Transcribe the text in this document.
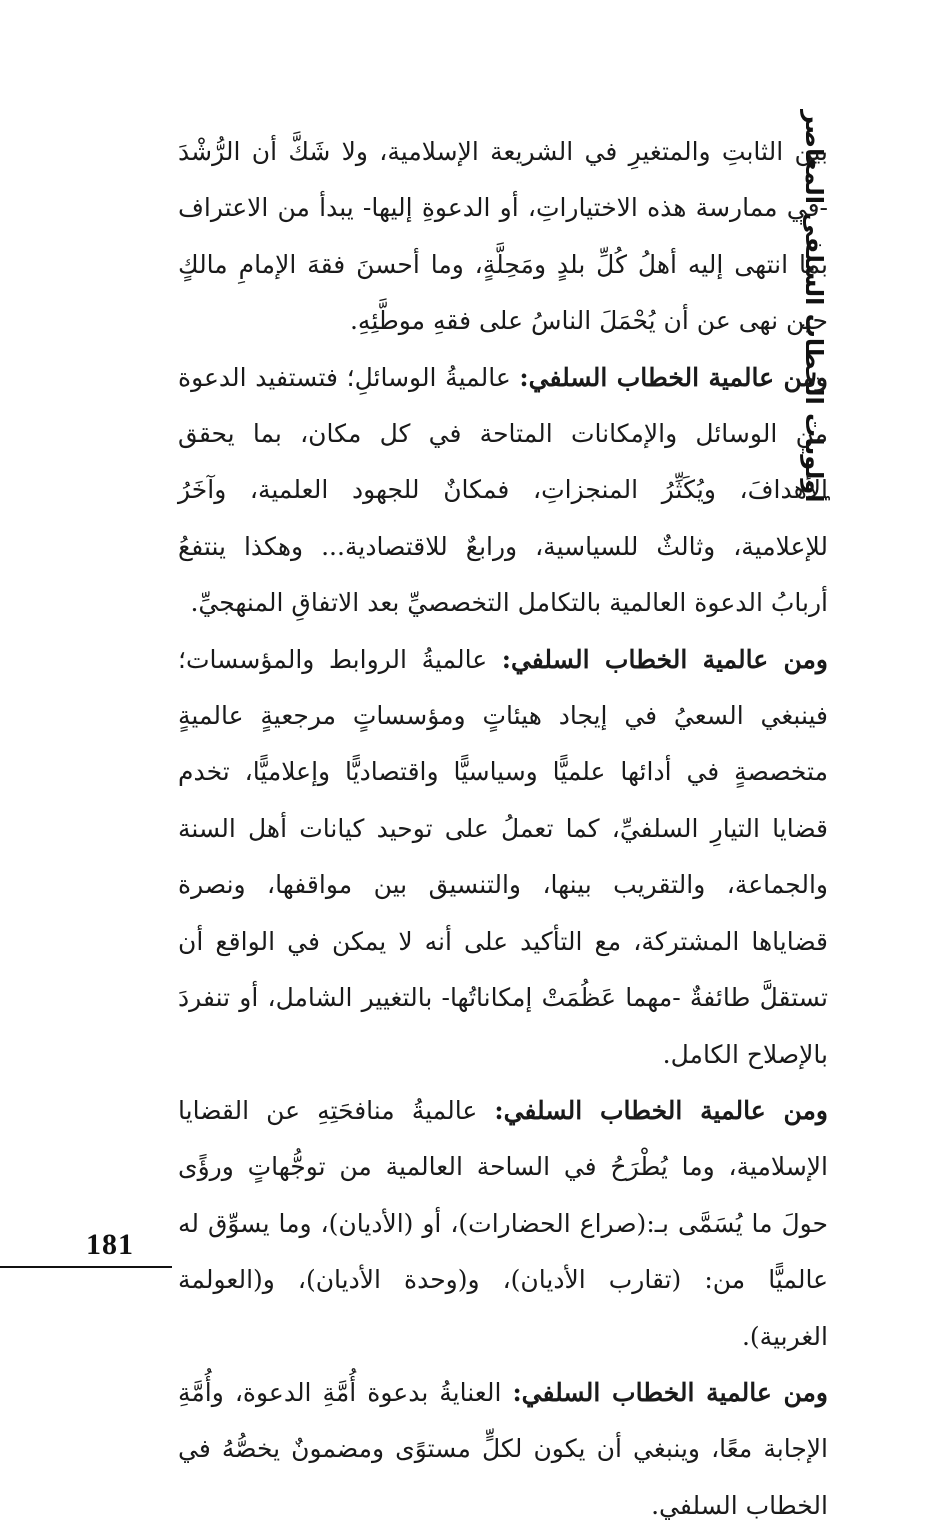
أولويات الخطاب السلفي المعاصر

بين الثابتِ والمتغيرِ في الشريعة الإسلامية، ولا شَكَّ أن الرُّشْدَ -في ممارسة هذه الاختياراتِ، أو الدعوةِ إليها- يبدأ من الاعتراف بما انتهى إليه أهلُ كُلِّ بلدٍ ومَحِلَّةٍ، وما أحسنَ فقهَ الإمامِ مالكٍ حين نهى عن أن يُحْمَلَ الناسُ على فقهِ موطَّئِهِ.

ومن عالمية الخطاب السلفي: عالميةُ الوسائلِ؛ فتستفيد الدعوة من الوسائل والإمكانات المتاحة في كل مكان، بما يحقق الأهدافَ، ويُكَثِّرُ المنجزاتِ، فمكانٌ للجهود العلمية، وآخَرُ للإعلامية، وثالثٌ للسياسية، ورابعٌ للاقتصادية... وهكذا ينتفعُ أربابُ الدعوة العالمية بالتكامل التخصصيِّ بعد الاتفاقِ المنهجيِّ.

ومن عالمية الخطاب السلفي: عالميةُ الروابط والمؤسسات؛ فينبغي السعيُ في إيجاد هيئاتٍ ومؤسساتٍ مرجعيةٍ عالميةٍ متخصصةٍ في أدائها علميًّا وسياسيًّا واقتصاديًّا وإعلاميًّا، تخدم قضايا التيارِ السلفيِّ، كما تعملُ على توحيد كيانات أهل السنة والجماعة، والتقريب بينها، والتنسيق بين مواقفها، ونصرة قضاياها المشتركة، مع التأكيد على أنه لا يمكن في الواقع أن تستقلَّ طائفةٌ -مهما عَظُمَتْ إمكاناتُها- بالتغيير الشامل، أو تنفردَ بالإصلاح الكامل.

ومن عالمية الخطاب السلفي: عالميةُ منافحَتِهِ عن القضايا الإسلامية، وما يُطْرَحُ في الساحة العالمية من توجُّهاتٍ ورؤًى حولَ ما يُسَمَّى بـ:(صراع الحضارات)، أو (الأديان)، وما يسوِّق له عالميًّا من: (تقارب الأديان)، و(وحدة الأديان)، و(العولمة الغربية).

ومن عالمية الخطاب السلفي: العنايةُ بدعوة أُمَّةِ الدعوة، وأُمَّةِ الإجابة معًا، وينبغي أن يكون لكلٍّ مستوًى ومضمونٌ يخصُّهُ في الخطاب السلفي.

181
